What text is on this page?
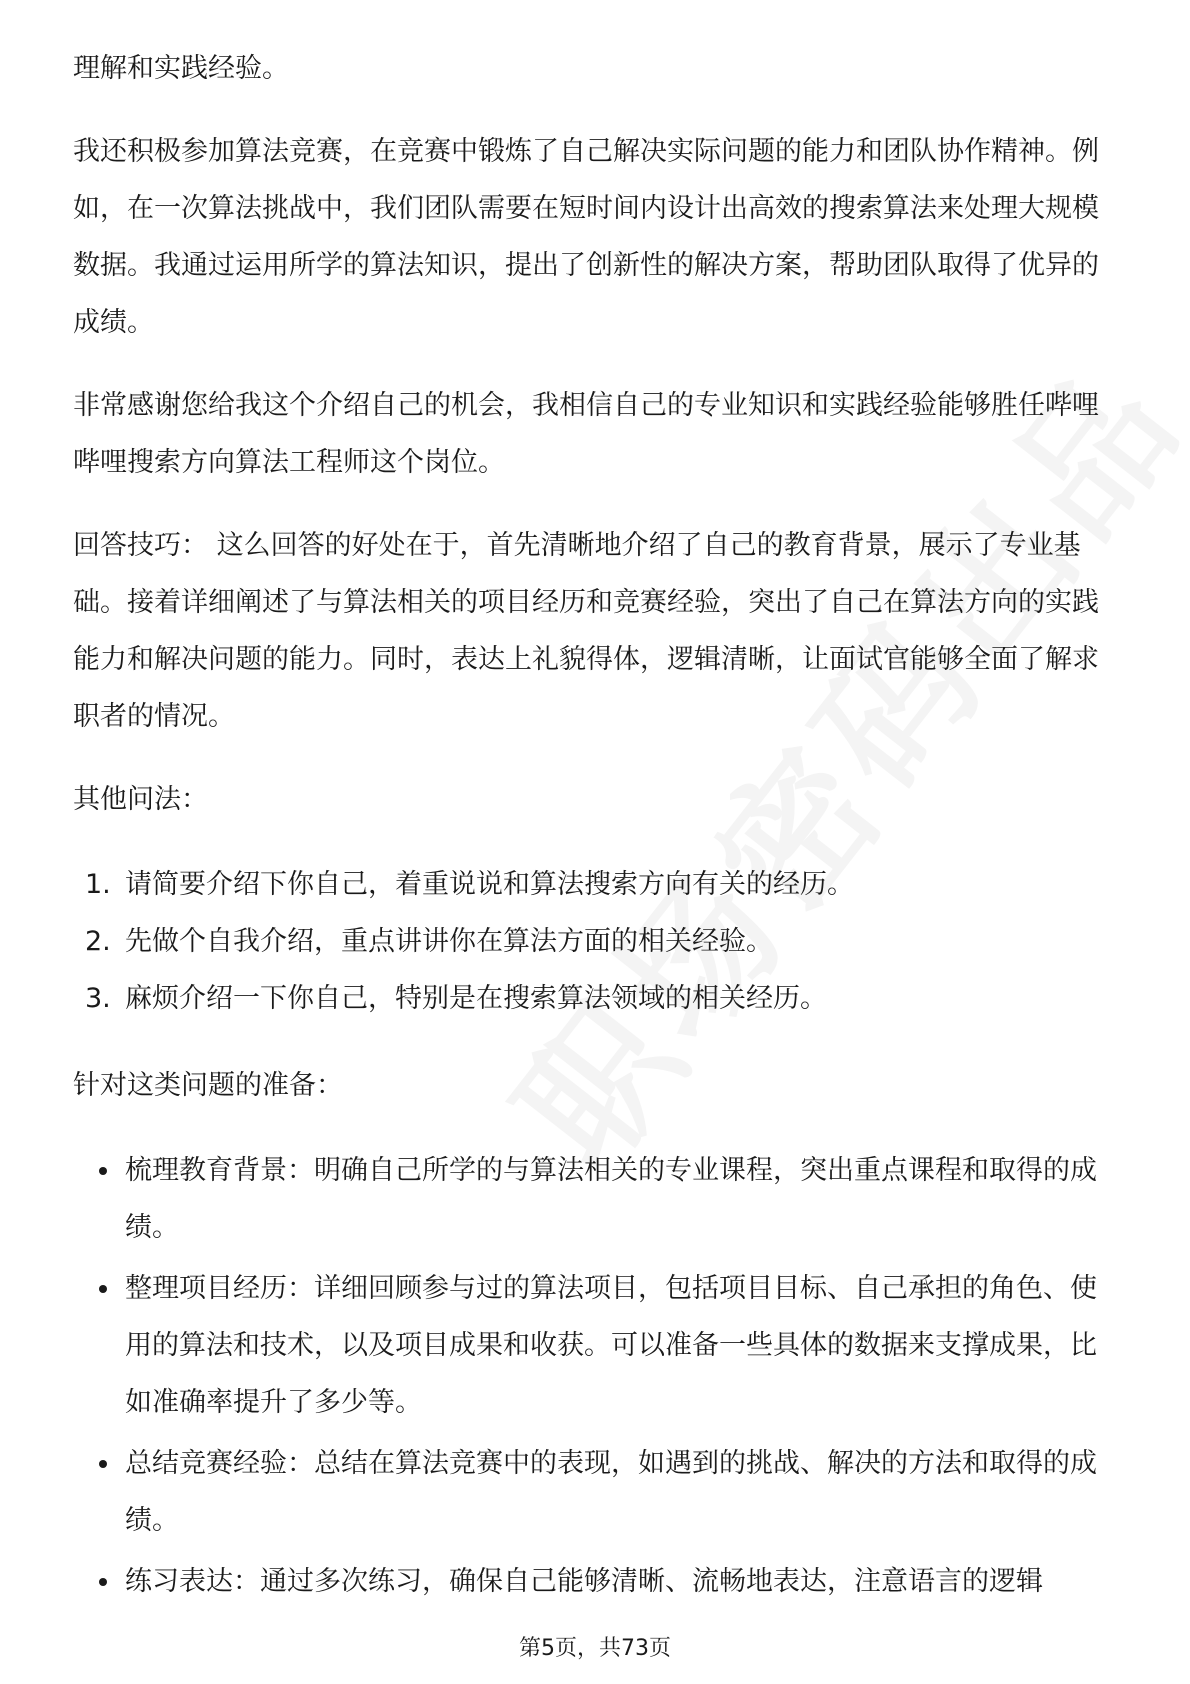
理解和实践经验。

我还积极参加算法竞赛，在竞赛中锻炼了自己解决实际问题的能力和团队协作精神。例如，在一次算法挑战中，我们团队需要在短时间内设计出高效的搜索算法来处理大规模数据。我通过运用所学的算法知识，提出了创新性的解决方案，帮助团队取得了优异的成绩。

非常感谢您给我这个介绍自己的机会，我相信自己的专业知识和实践经验能够胜任哔哩哔哩搜索方向算法工程师这个岗位。

回答技巧： 这么回答的好处在于，首先清晰地介绍了自己的教育背景，展示了专业基础。接着详细阐述了与算法相关的项目经历和竞赛经验，突出了自己在算法方向的实践能力和解决问题的能力。同时，表达上礼貌得体，逻辑清晰，让面试官能够全面了解求职者的情况。

其他问法：

1. 请简要介绍下你自己，着重说说和算法搜索方向有关的经历。
2. 先做个自我介绍，重点讲讲你在算法方面的相关经验。
3. 麻烦介绍一下你自己，特别是在搜索算法领域的相关经历。

针对这类问题的准备：

梳理教育背景：明确自己所学的与算法相关的专业课程，突出重点课程和取得的成绩。
整理项目经历：详细回顾参与过的算法项目，包括项目目标、自己承担的角色、使用的算法和技术，以及项目成果和收获。可以准备一些具体的数据来支撑成果，比如准确率提升了多少等。
总结竞赛经验：总结在算法竞赛中的表现，如遇到的挑战、解决的方法和取得的成绩。
练习表达：通过多次练习，确保自己能够清晰、流畅地表达，注意语言的逻辑
第5页，共73页
